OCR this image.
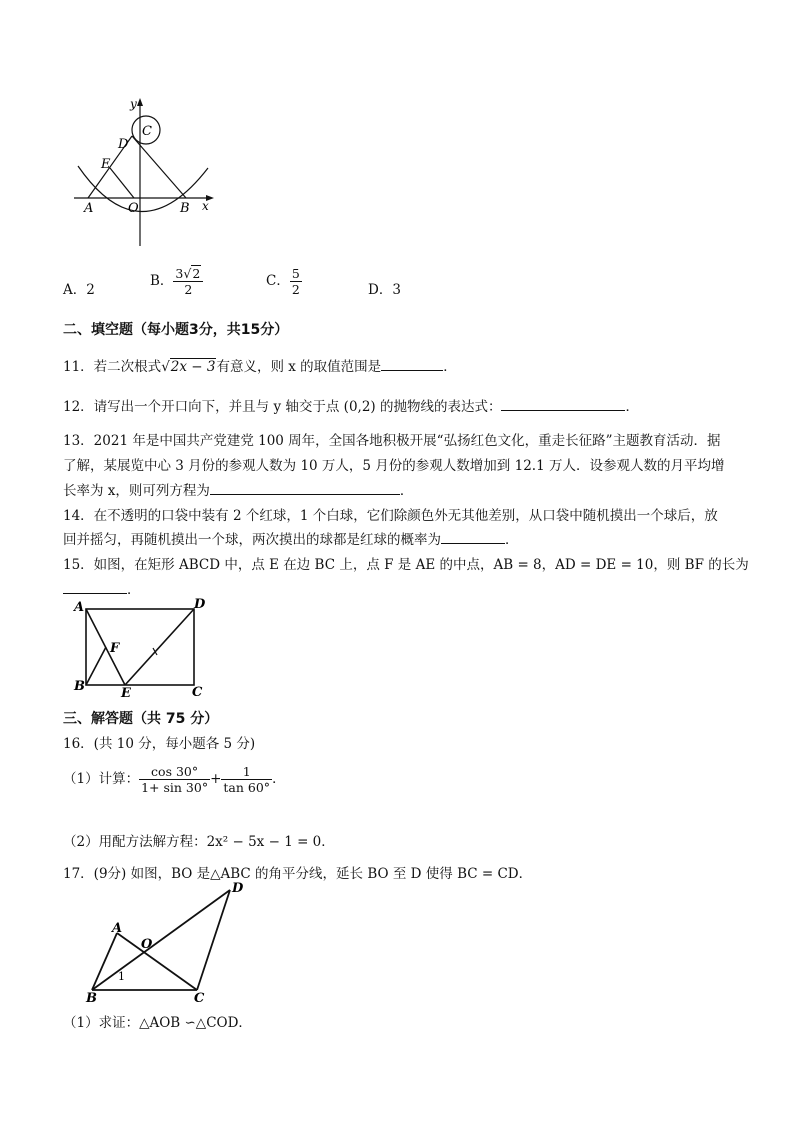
y
C
D
E
A	O	B x
A．2
B． $\frac{3√2}{2}$	C． $\frac{5}{2}$	D．3
二、填空题（每小题3分，共15分）
11．若二次根式√2x − 3有意义，则 x 的取值范围是	．
12．请写出一个开口向下，并且与 y 轴交于点 (0,2) 的抛物线的表达式：	．
13．2021 年是中国共产党建党 100 周年，全国各地积极开展“弘扬红色文化，重走长征路”主题教育活动．据
了解，某展览中心 3 月份的参观人数为 10 万人，5 月份的参观人数增加到 12.1 万人．设参观人数的月平均增
长率为 x，则可列方程为	．
14．在不透明的口袋中装有 2 个红球，1 个白球，它们除颜色外无其他差别，从口袋中随机摸出一个球后，放
回并摇匀，再随机摸出一个球，两次摸出的球都是红球的概率为	．
15．如图，在矩形 ABCD 中，点 E 在边 BC 上，点 F 是 AE 的中点，AB = 8，AD = DE = 10，则 BF 的长为
．
A	D
F
B	E	C
三、解答题（共 75 分）
16．(共 10 分，每小题各 5 分)
（1）计算： $\frac{\cos 30^\circ}{1+ \sin 30^\circ} + \frac{1}{\tan 60^\circ}$ ．
（2）用配方法解方程：2x² − 5x − 1 = 0．
17．(9分) 如图，BO 是△ABC 的角平分线，延长 BO 至 D 使得 BC = CD．
D
A
O
1
B	C
（1）求证：△AOB ∽△COD．
